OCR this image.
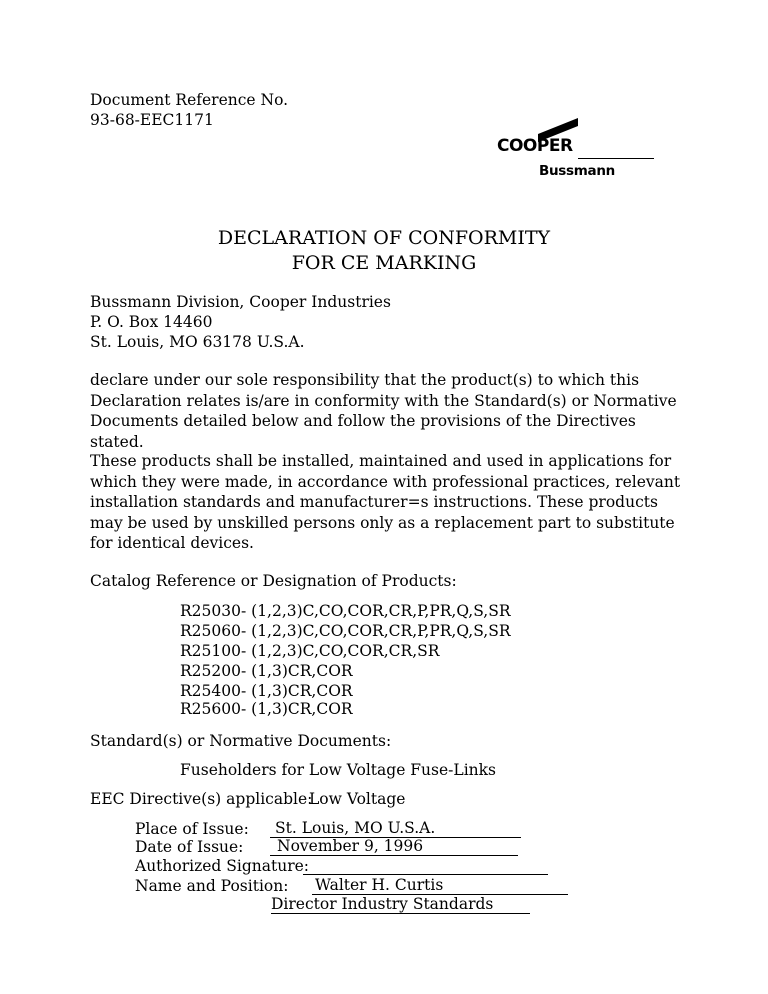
Document Reference No.
93-68-EEC1171
COOPER
Bussmann
DECLARATION OF CONFORMITY
FOR CE MARKING
Bussmann Division, Cooper Industries
P. O. Box 14460
St. Louis, MO 63178 U.S.A.
declare under our sole responsibility that the product(s) to which this Declaration relates is/are in conformity with the Standard(s) or Normative Documents detailed below and follow the provisions of the Directives stated.
These products shall be installed, maintained and used in applications for which they were made, in accordance with professional practices, relevant installation standards and manufacturer=s instructions. These products may be used by unskilled persons only as a replacement part to substitute for identical devices.
Catalog Reference or Designation of Products:
R25030- (1,2,3)C,CO,COR,CR,P,PR,Q,S,SR
R25060- (1,2,3)C,CO,COR,CR,P,PR,Q,S,SR
R25100- (1,2,3)C,CO,COR,CR,SR
R25200- (1,3)CR,COR
R25400- (1,3)CR,COR
R25600- (1,3)CR,COR
Standard(s) or Normative Documents:
Fuseholders for Low Voltage Fuse-Links
EEC Directive(s) applicable:
Low Voltage
Place of Issue:	St. Louis, MO U.S.A.
Date of Issue:	November 9, 1996
Authorized Signature:
Name and Position: Walter H. Curtis
Director Industry Standards
